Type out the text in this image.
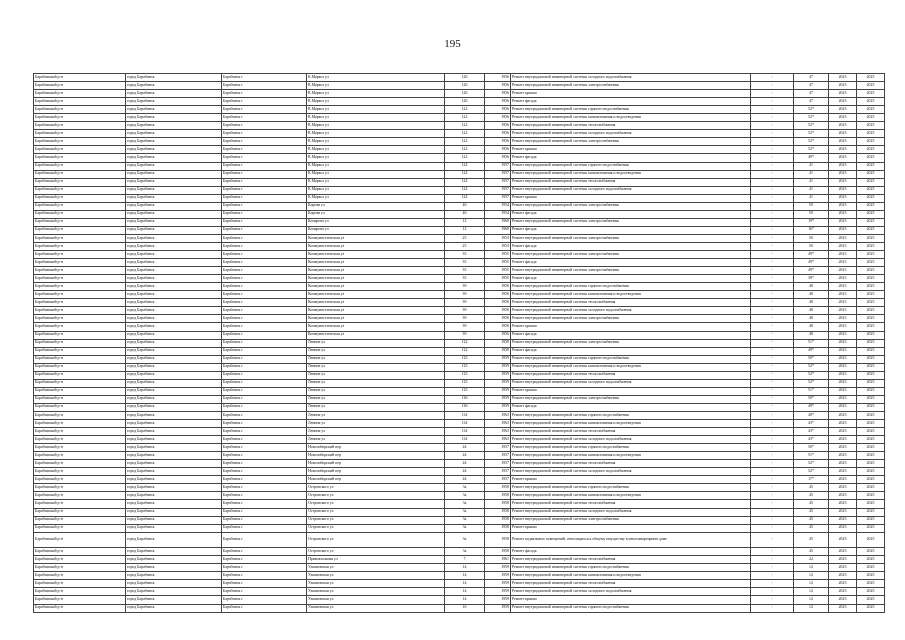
195
Барабинский р-н	город Барабинск	Барабинск г	К.Маркса ул	120	1956	Ремонт внутридомовой инженерной системы холодного водоснабжения	-	47	2023	2025
Барабинский р-н	город Барабинск	Барабинск г	К.Маркса ул	120	1956	Ремонт внутридомовой инженерной системы электроснабжения	-	47	2023	2025
Барабинский р-н	город Барабинск	Барабинск г	К.Маркса ул	120	1956	Ремонт крыши	-	47	2023	2025
Барабинский р-н	город Барабинск	Барабинск г	К.Маркса ул	120	1956	Ремонт фасада	-	47	2023	2025
Барабинский р-н	город Барабинск	Барабинск г	К.Маркса ул	122	1956	Ремонт внутридомовой инженерной системы горячего водоснабжения	-	52*	2023	2025
Барабинский р-н	город Барабинск	Барабинск г	К.Маркса ул	122	1956	Ремонт внутридомовой инженерной системы канализования и водоотведения	-	52*	2023	2025
Барабинский р-н	город Барабинск	Барабинск г	К.Маркса ул	122	1956	Ремонт внутридомовой инженерной системы теплоснабжения	-	52*	2023	2025
Барабинский р-н	город Барабинск	Барабинск г	К.Маркса ул	122	1956	Ремонт внутридомовой инженерной системы холодного водоснабжения	-	52*	2023	2025
Барабинский р-н	город Барабинск	Барабинск г	К.Маркса ул	122	1956	Ремонт внутридомовой инженерной системы электроснабжения	-	52*	2023	2025
Барабинский р-н	город Барабинск	Барабинск г	К.Маркса ул	122	1956	Ремонт крыши	-	52*	2023	2025
Барабинский р-н	город Барабинск	Барабинск г	К.Маркса ул	122	1956	Ремонт фасада	-	49*	2023	2025
Барабинский р-н	город Барабинск	Барабинск г	К.Маркса ул	124	1957	Ремонт внутридомовой инженерной системы горячего водоснабжения	-	41	2023	2025
Барабинский р-н	город Барабинск	Барабинск г	К.Маркса ул	124	1957	Ремонт внутридомовой инженерной системы канализования и водоотведения	-	41	2023	2025
Барабинский р-н	город Барабинск	Барабинск г	К.Маркса ул	124	1957	Ремонт внутридомовой инженерной системы теплоснабжения	-	41	2023	2025
Барабинский р-н	город Барабинск	Барабинск г	К.Маркса ул	124	1957	Ремонт внутридомовой инженерной системы холодного водоснабжения	-	41	2023	2025
Барабинский р-н	город Барабинск	Барабинск г	К.Маркса ул	124	1957	Ремонт крыши	-	41	2023	2025
Барабинский р-н	город Барабинск	Барабинск г	Кирова ул	46	1954	Ремонт внутридомовой инженерной системы электроснабжения	-	50	2023	2025
Барабинский р-н	город Барабинск	Барабинск г	Кирова ул	46	1954	Ремонт фасада	-	50	2023	2025
Барабинский р-н	город Барабинск	Барабинск г	Комарова ул	12	1960	Ремонт внутридомовой инженерной системы электроснабжения	-	19*	2023	2025
Барабинский р-н	город Барабинск	Барабинск г	Комарова ул	12	1960	Ремонт фасада	-	16*	2023	2025
Барабинский р-н	город Барабинск	Барабинск г	Коммунистическая ул	25	1953	Ремонт внутридомовой инженерной системы электроснабжения	-	50	2023	2025
Барабинский р-н	город Барабинск	Барабинск г	Коммунистическая ул	25	1953	Ремонт фасада	-	50	2023	2025
Барабинский р-н	город Барабинск	Барабинск г	Коммунистическая ул	35	1955	Ремонт внутридомовой инженерной системы электроснабжения	-	49*	2023	2025
Барабинский р-н	город Барабинск	Барабинск г	Коммунистическая ул	35	1955	Ремонт фасада	-	49*	2023	2025
Барабинский р-н	город Барабинск	Барабинск г	Коммунистическая ул	35	1955	Ремонт внутридомовой инженерной системы электроснабжения	-	49*	2023	2025
Барабинский р-н	город Барабинск	Барабинск г	Коммунистическая ул	35	1955	Ремонт фасада	-	39*	2023	2025
Барабинский р-н	город Барабинск	Барабинск г	Коммунистическая ул	39	1956	Ремонт внутридомовой инженерной системы горячего водоснабжения	-	48	2023	2025
Барабинский р-н	город Барабинск	Барабинск г	Коммунистическая ул	39	1956	Ремонт внутридомовой инженерной системы канализования и водоотведения	-	48	2023	2025
Барабинский р-н	город Барабинск	Барабинск г	Коммунистическая ул	39	1956	Ремонт внутридомовой инженерной системы теплоснабжения	-	48	2023	2025
Барабинский р-н	город Барабинск	Барабинск г	Коммунистическая ул	39	1956	Ремонт внутридомовой инженерной системы холодного водоснабжения	-	48	2023	2025
Барабинский р-н	город Барабинск	Барабинск г	Коммунистическая ул	39	1956	Ремонт внутридомовой инженерной системы электроснабжения	-	48	2023	2025
Барабинский р-н	город Барабинск	Барабинск г	Коммунистическая ул	39	1956	Ремонт крыши	-	48	2023	2025
Барабинский р-н	город Барабинск	Барабинск г	Коммунистическая ул	39	1956	Ремонт фасада	-	48	2023	2025
Барабинский р-н	город Барабинск	Барабинск г	Ленина ул	122	1958	Ремонт внутридомовой инженерной системы электроснабжения	-	51*	2023	2025
Барабинский р-н	город Барабинск	Барабинск г	Ленина ул	122	1958	Ремонт фасада	-	49*	2023	2025
Барабинский р-н	город Барабинск	Барабинск г	Ленина ул	125	1959	Ремонт внутридомовой инженерной системы горячего водоснабжения	-	50*	2023	2025
Барабинский р-н	город Барабинск	Барабинск г	Ленина ул	125	1959	Ремонт внутридомовой инженерной системы канализования и водоотведения	-	52*	2023	2025
Барабинский р-н	город Барабинск	Барабинск г	Ленина ул	125	1959	Ремонт внутридомовой инженерной системы теплоснабжения	-	52*	2023	2025
Барабинский р-н	город Барабинск	Барабинск г	Ленина ул	125	1959	Ремонт внутридомовой инженерной системы холодного водоснабжения	-	52*	2023	2025
Барабинский р-н	город Барабинск	Барабинск г	Ленина ул	125	1959	Ремонт крыши	-	51*	2023	2025
Барабинский р-н	город Барабинск	Барабинск г	Ленина ул	126	1959	Ремонт внутридомовой инженерной системы электроснабжения	-	50*	2023	2025
Барабинский р-н	город Барабинск	Барабинск г	Ленина ул	126	1959	Ремонт фасада	-	49*	2023	2025
Барабинский р-н	город Барабинск	Барабинск г	Ленина ул	134	1963	Ремонт внутридомовой инженерной системы горячего водоснабжения	-	40*	2023	2025
Барабинский р-н	город Барабинск	Барабинск г	Ленина ул	134	1963	Ремонт внутридомовой инженерной системы канализования и водоотведения	-	43*	2023	2025
Барабинский р-н	город Барабинск	Барабинск г	Ленина ул	134	1963	Ремонт внутридомовой инженерной системы теплоснабжения	-	43*	2023	2025
Барабинский р-н	город Барабинск	Барабинск г	Ленина ул	134	1963	Ремонт внутридомовой инженерной системы холодного водоснабжения	-	43*	2023	2025
Барабинский р-н	город Барабинск	Барабинск г	Новосибирский пер	24	1957	Ремонт внутридомовой инженерной системы горячего водоснабжения	-	50*	2023	2025
Барабинский р-н	город Барабинск	Барабинск г	Новосибирский пер	24	1957	Ремонт внутридомовой инженерной системы канализования и водоотведения	-	51*	2023	2025
Барабинский р-н	город Барабинск	Барабинск г	Новосибирский пер	24	1957	Ремонт внутридомовой инженерной системы теплоснабжения	-	52*	2023	2025
Барабинский р-н	город Барабинск	Барабинск г	Новосибирский пер	24	1957	Ремонт внутридомовой инженерной системы холодного водоснабжения	-	52*	2023	2025
Барабинский р-н	город Барабинск	Барабинск г	Новосибирский пер	24	1957	Ремонт крыши	-	17*	2023	2025
Барабинский р-н	город Барабинск	Барабинск г	Островского ул	3а	1958	Ремонт внутридомовой инженерной системы горячего водоснабжения	-	45	2023	2025
Барабинский р-н	город Барабинск	Барабинск г	Островского ул	3а	1958	Ремонт внутридомовой инженерной системы канализования и водоотведения	-	45	2023	2025
Барабинский р-н	город Барабинск	Барабинск г	Островского ул	3а	1958	Ремонт внутридомовой инженерной системы теплоснабжения	-	45	2023	2025
Барабинский р-н	город Барабинск	Барабинск г	Островского ул	3а	1958	Ремонт внутридомовой инженерной системы холодного водоснабжения	-	45	2023	2025
Барабинский р-н	город Барабинск	Барабинск г	Островского ул	3а	1958	Ремонт внутридомовой инженерной системы электроснабжения	-	45	2023	2025
Барабинский р-н	город Барабинск	Барабинск г	Островского ул	3а	1958	Ремонт крыши	-	45	2023	2025
Барабинский р-н	город Барабинск	Барабинск г	Островского ул	3а	1958	Ремонт подвальных помещений, относящихся к общему имуществу в многоквартирном доме	-	45	2023	2025
Барабинский р-н	город Барабинск	Барабинск г	Островского ул	3а	1958	Ремонт фасада	-	45	2023	2025
Барабинский р-н	город Барабинск	Барабинск г	Привокзальная ул	7	1961	Ремонт внутридомовой инженерной системы теплоснабжения	-	22	2023	2025
Барабинский р-н	город Барабинск	Барабинск г	Ульяновская ул	14	1959	Ремонт внутридомовой инженерной системы горячего водоснабжения	-	12	2023	2025
Барабинский р-н	город Барабинск	Барабинск г	Ульяновская ул	14	1959	Ремонт внутридомовой инженерной системы канализования и водоотведения	-	12	2023	2025
Барабинский р-н	город Барабинск	Барабинск г	Ульяновская ул	14	1959	Ремонт внутридомовой инженерной системы теплоснабжения	-	12	2023	2025
Барабинский р-н	город Барабинск	Барабинск г	Ульяновская ул	14	1959	Ремонт внутридомовой инженерной системы холодного водоснабжения	-	12	2023	2025
Барабинский р-н	город Барабинск	Барабинск г	Ульяновская ул	14	1959	Ремонт крыши	-	12	2023	2025
Барабинский р-н	город Барабинск	Барабинск г	Ульяновская ул	16	1959	Ремонт внутридомовой инженерной системы горячего водоснабжения	-	12	2023	2025
